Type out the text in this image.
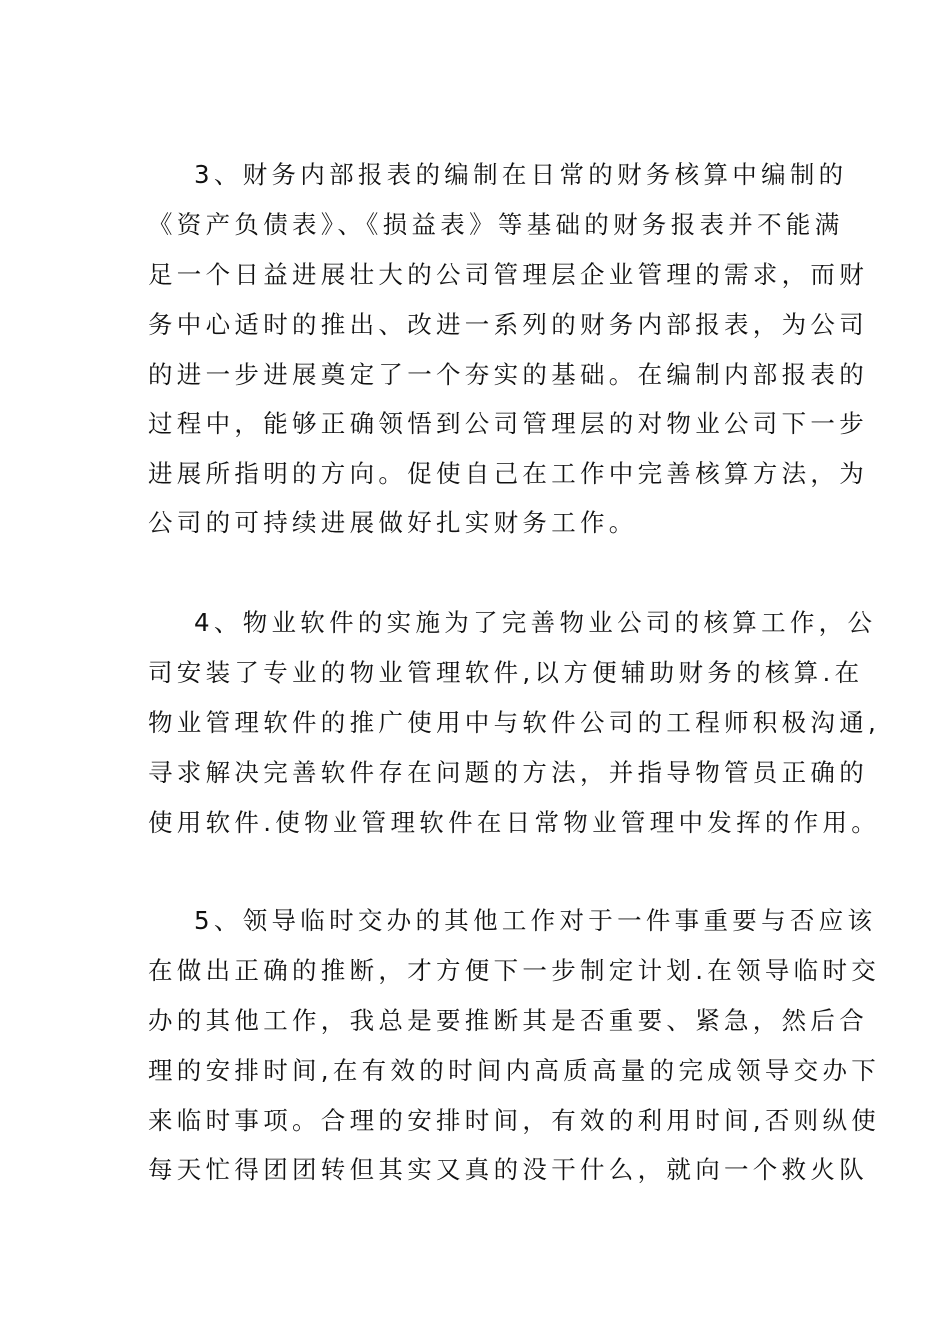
3、财务内部报表的编制在日常的财务核算中编制的
《资产负债表》、《损益表》等基础的财务报表并不能满
足一个日益进展壮大的公司管理层企业管理的需求，而财
务中心适时的推出、改进一系列的财务内部报表，为公司
的进一步进展奠定了一个夯实的基础。在编制内部报表的
过程中，能够正确领悟到公司管理层的对物业公司下一步
进展所指明的方向。促使自己在工作中完善核算方法，为
公司的可持续进展做好扎实财务工作。
4、物业软件的实施为了完善物业公司的核算工作，公
司安装了专业的物业管理软件,以方便辅助财务的核算.在
物业管理软件的推广使用中与软件公司的工程师积极沟通,
寻求解决完善软件存在问题的方法，并指导物管员正确的
使用软件.使物业管理软件在日常物业管理中发挥的作用。
5、领导临时交办的其他工作对于一件事重要与否应该
在做出正确的推断，才方便下一步制定计划.在领导临时交
办的其他工作，我总是要推断其是否重要、紧急，然后合
理的安排时间,在有效的时间内高质高量的完成领导交办下
来临时事项。合理的安排时间，有效的利用时间,否则纵使
每天忙得团团转但其实又真的没干什么，就向一个救火队
